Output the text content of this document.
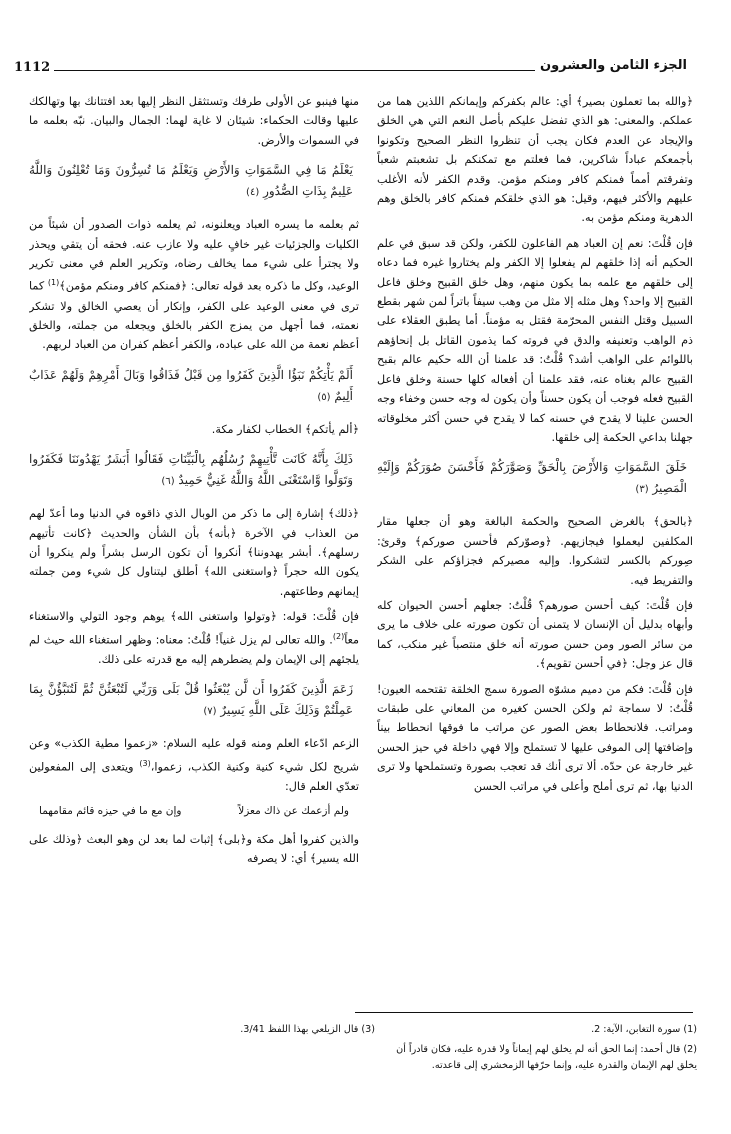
1112	الجزء الثامن والعشرون

﴿والله بما تعملون بصير﴾ أي: عالم بكفركم وإيمانكم اللذين هما من عملكم. والمعنى: هو الذي تفضل عليكم بأصل النعم التي هي الخلق والإيجاد عن العدم فكان يجب أن تنظروا النظر الصحيح وتكونوا بأجمعكم عباداً شاكرين، فما فعلتم مع تمكنكم بل تشعبتم شعباً وتفرقتم أمماً فمنكم كافر ومنكم مؤمن. وقدم الكفر لأنه الأغلب عليهم والأكثر فيهم، وقيل: هو الذي خلقكم فمنكم كافر بالخلق وهم الدهرية ومنكم مؤمن به.

فإن قُلْتَ: نعم إن العباد هم الفاعلون للكفر، ولكن قد سبق في علم الحكيم أنه إذا خلقهم لم يفعلوا إلا الكفر ولم يختاروا غيره فما دعاه إلى خلقهم مع علمه بما يكون منهم، وهل خلق القبيح وخلق فاعل القبيح إلا واحد؟ وهل مثله إلا مثل من وهب سيفاً باتراً لمن شهر بقطع السبيل وقتل النفس المحرّمة فقتل به مؤمناً. أما يطبق العقلاء على ذم الواهب وتعنيفه والدق في فروته كما يذمون القاتل بل إنحاؤهم باللوائم على الواهب أشد؟ قُلْتُ: قد علمنا أن الله حكيم عالم بقبح القبيح عالم بغناه عنه، فقد علمنا أن أفعاله كلها حسنة وخلق فاعل القبيح فعله فوجب أن يكون حسناً وأن يكون له وجه حسن وخفاء وجه الحسن علينا لا يقدح في حسنه كما لا يقدح في حسن أكثر مخلوقاته جهلنا بداعي الحكمة إلى خلقها.

خَلَقَ السَّمَوَاتِ وَالأَرْضَ بِالْحَقِّ وَصَوَّرَكُمْ فَأَحْسَنَ صُوَرَكُمْ وَإِلَيْهِ الْمَصِيرُ (٣)

﴿بالحق﴾ بالغرض الصحيح والحكمة البالغة وهو أن جعلها مقار المكلفين ليعملوا فيجازيهم. ﴿وصوّركم فأحسن صوركم﴾ وقرئ: صِوركم بالكسر لتشكروا. وإليه مصيركم فجزاؤكم على الشكر والتفريط فيه.

فإن قُلْتَ: كيف أحسن صورهم؟ قُلْتُ: جعلهم أحسن الحيوان كله وأبهاه بدليل أن الإنسان لا يتمنى أن تكون صورته على خلاف ما يرى من سائر الصور ومن حسن صورته أنه خلق منتصباً غير منكب، كما قال عز وجل: ﴿في أحسن تقويم﴾.

فإن قُلْتَ: فكم من دميم مشوّه الصورة سمج الخلقة تقتحمه العيون! قُلْتُ: لا سماجة ثم ولكن الحسن كغيره من المعاني على طبقات ومراتب. فلانحطاط بعض الصور عن مراتب ما فوقها انحطاط بيناً وإضافتها إلى الموفى عليها لا تستملح وإلا فهي داخلة في حيز الحسن غير خارجة عن حدّه. ألا ترى أنك قد تعجب بصورة وتستملحها ولا ترى الدنيا بها، ثم ترى أملح وأعلى في مراتب الحسن

منها فينبو عن الأولى طرفك وتستثقل النظر إليها بعد افتتانك بها وتهالكك عليها وقالت الحكماء: شيئان لا غاية لهما: الجمال والبيان. نبّه بعلمه ما في السموات والأرض.

يَعْلَمُ مَا فِي السَّمَوَاتِ وَالأَرْضِ وَيَعْلَمُ مَا تُسِرُّونَ وَمَا تُعْلِنُونَ وَاللَّهُ عَلِيمٌ بِذَاتِ الصُّدُورِ (٤)

ثم بعلمه ما يسره العباد ويعلنونه، ثم يعلمه ذوات الصدور أن شيئاً من الكليات والجزئيات غير خافٍ عليه ولا عازب عنه. فحقه أن يتقي ويحذر ولا يجترأ على شيء مما يخالف رضاه، وتكرير العلم في معنى تكرير الوعيد، وكل ما ذكره بعد قوله تعالى: ﴿فمنكم كافر ومنكم مؤمن﴾$^{(1)}$ كما ترى في معنى الوعيد على الكفر، وإنكار أن يعصي الخالق ولا تشكر نعمته، فما أجهل من يمزج الكفر بالخلق ويجعله من جملته، والخلق أعظم نعمة من الله على عباده، والكفر أعظم كفران من العباد لربهم.

أَلَمْ يَأْتِكُمْ نَبَؤُا الَّذِينَ كَفَرُوا مِن قَبْلُ فَذَاقُوا وَبَالَ أَمْرِهِمْ وَلَهُمْ عَذَابٌ أَلِيمٌ (٥)

﴿ألم يأتكم﴾ الخطاب لكفار مكة.

ذَلِكَ بِأَنَّهُ كَانَت تَّأْتِيهِمْ رُسُلُهُم بِالْبَيِّنَاتِ فَقَالُوا أَبَشَرٌ يَهْدُونَنَا فَكَفَرُوا وَتَوَلَّوا وَّاسْتَغْنَى اللَّهُ وَاللَّهُ غَنِيٌّ حَمِيدٌ (٦)

﴿ذلك﴾ إشارة إلى ما ذكر من الوبال الذي ذاقوه في الدنيا وما أعدّ لهم من العذاب في الآخرة ﴿بأنه﴾ بأن الشأن والحديث ﴿كانت تأتيهم رسلهم﴾. أبشر يهدوننا﴾ أنكروا أن تكون الرسل بشراً ولم ينكروا أن يكون الله حجراً ﴿واستغنى الله﴾ أطلق ليتناول كل شيء ومن جملته إيمانهم وطاعتهم.

فإن قُلْتَ: قوله: ﴿وتولوا واستغنى الله﴾ يوهم وجود التولي والاستغناء معاً$^{(2)}$. والله تعالى لم يزل غنياً! قُلْتُ: معناه: وظهر استغناء الله حيث لم يلجئهم إلى الإيمان ولم يضطرهم إليه مع قدرته على ذلك.

زَعَمَ الَّذِينَ كَفَرُوا أَن لَّن يُبْعَثُوا قُلْ بَلَى وَرَبِّي لَتُبْعَثُنَّ ثُمَّ لَتُنَبَّؤُنَّ بِمَا عَمِلْتُمْ وَذَلِكَ عَلَى اللَّهِ يَسِيرٌ (٧)

الزعم ادّعاء العلم ومنه قوله عليه السلام: «زعموا مطية الكذب» وعن شريح لكل شيء كنية وكنية الكذب، زعموا،$^{(3)}$ ويتعدى إلى المفعولين تعدّي العلم قال:

ولم أزعمك عن ذاك معزلاً
وإن مع ما في حيزه قائم مقامهما

والذين كفروا أهل مكة و﴿بلى﴾ إثبات لما بعد لن وهو البعث ﴿وذلك على الله يسير﴾ أي: لا يصرفه

(1) سورة التغابن، الآية: 2.

(2) قال أحمد: إنما الحق أنه لم يخلق لهم إيماناً ولا قدرة عليه، فكان قادراً أن يخلق لهم الإيمان والقدرة عليه، وإنما حرّفها الزمخشري إلى قاعدته.

(3) قال الزيلعي بهذا اللفظ 3/41.
